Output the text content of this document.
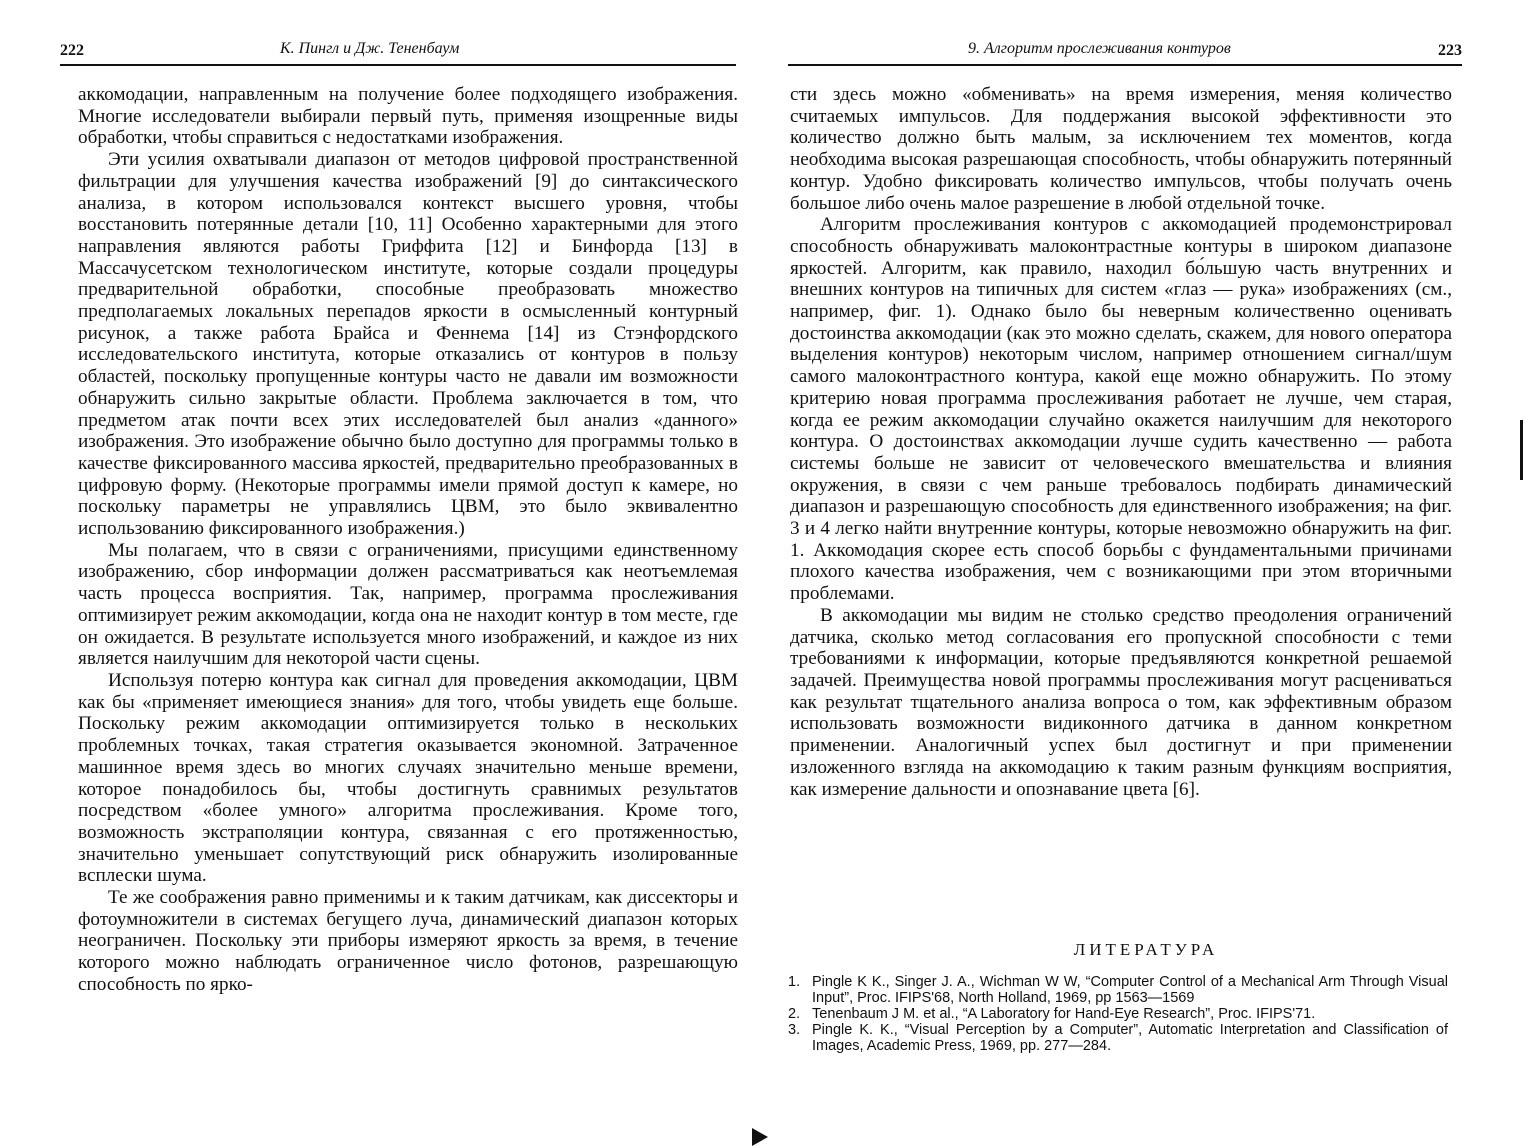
222	К. Пингл и Дж. Тененбаум

аккомодации, направленным на получение более подходящего изображения. Многие исследователи выбирали первый путь, применяя изощренные виды обработки, чтобы справиться с недостатками изображения.

Эти усилия охватывали диапазон от методов цифровой пространственной фильтрации для улучшения качества изображений [9] до синтаксического анализа, в котором использовался контекст высшего уровня, чтобы восстановить потерянные детали [10, 11] Особенно характерными для этого направления являются работы Гриффита [12] и Бинфорда [13] в Массачусетском технологическом институте, которые создали процедуры предварительной обработки, способные преобразовать множество предполагаемых локальных перепадов яркости в осмысленный контурный рисунок, а также работа Брайса и Феннема [14] из Стэнфордского исследовательского института, которые отказались от контуров в пользу областей, поскольку пропущенные контуры часто не давали им возможности обнаружить сильно закрытые области. Проблема заключается в том, что предметом атак почти всех этих исследователей был анализ «данного» изображения. Это изображение обычно было доступно для программы только в качестве фиксированного массива яркостей, предварительно преобразованных в цифровую форму. (Некоторые программы имели прямой доступ к камере, но поскольку параметры не управлялись ЦВМ, это было эквивалентно использованию фиксированного изображения.)

Мы полагаем, что в связи с ограничениями, присущими единственному изображению, сбор информации должен рассматриваться как неотъемлемая часть процесса восприятия. Так, например, программа прослеживания оптимизирует режим аккомодации, когда она не находит контур в том месте, где он ожидается. В результате используется много изображений, и каждое из них является наилучшим для некоторой части сцены.

Используя потерю контура как сигнал для проведения аккомодации, ЦВМ как бы «применяет имеющиеся знания» для того, чтобы увидеть еще больше. Поскольку режим аккомодации оптимизируется только в нескольких проблемных точках, такая стратегия оказывается экономной. Затраченное машинное время здесь во многих случаях значительно меньше времени, которое понадобилось бы, чтобы достигнуть сравнимых результатов посредством «более умного» алгоритма прослеживания. Кроме того, возможность экстраполяции контура, связанная с его протяженностью, значительно уменьшает сопутствующий риск обнаружить изолированные всплески шума.

Те же соображения равно применимы и к таким датчикам, как диссекторы и фотоумножители в системах бегущего луча, динамический диапазон которых неограничен. Поскольку эти приборы измеряют яркость за время, в течение которого можно наблюдать ограниченное число фотонов, разрешающую способность по ярко-

9. Алгоритм прослеживания контуров	223

сти здесь можно «обменивать» на время измерения, меняя количество считаемых импульсов. Для поддержания высокой эффективности это количество должно быть малым, за исключением тех моментов, когда необходима высокая разрешающая способность, чтобы обнаружить потерянный контур. Удобно фиксировать количество импульсов, чтобы получать очень большое либо очень малое разрешение в любой отдельной точке.

Алгоритм прослеживания контуров с аккомодацией продемонстрировал способность обнаруживать малоконтрастные контуры в широком диапазоне яркостей. Алгоритм, как правило, находил бо́льшую часть внутренних и внешних контуров на типичных для систем «глаз — рука» изображениях (см., например, фиг. 1). Однако было бы неверным количественно оценивать достоинства аккомодации (как это можно сделать, скажем, для нового оператора выделения контуров) некоторым числом, например отношением сигнал/шум самого малоконтрастного контура, какой еще можно обнаружить. По этому критерию новая программа прослеживания работает не лучше, чем старая, когда ее режим аккомодации случайно окажется наилучшим для некоторого контура. О достоинствах аккомодации лучше судить качественно — работа системы больше не зависит от человеческого вмешательства и влияния окружения, в связи с чем раньше требовалось подбирать динамический диапазон и разрешающую способность для единственного изображения; на фиг. 3 и 4 легко найти внутренние контуры, которые невозможно обнаружить на фиг. 1. Аккомодация скорее есть способ борьбы с фундаментальными причинами плохого качества изображения, чем с возникающими при этом вторичными проблемами.

В аккомодации мы видим не столько средство преодоления ограничений датчика, сколько метод согласования его пропускной способности с теми требованиями к информации, которые предъявляются конкретной решаемой задачей. Преимущества новой программы прослеживания могут расцениваться как результат тщательного анализа вопроса о том, как эффективным образом использовать возможности видиконного датчика в данном конкретном применении. Аналогичный успех был достигнут и при применении изложенного взгляда на аккомодацию к таким разным функциям восприятия, как измерение дальности и опознавание цвета [6].

ЛИТЕРАТУРА
1. Pingle K K., Singer J. A., Wichman W W, “Computer Control of a Mechanical Arm Through Visual Input”, Proc. IFIPS'68, North Holland, 1969, pp 1563—1569
2. Tenenbaum J M. et al., “A Laboratory for Hand-Eye Research”, Proc. IFIPS'71.
3. Pingle K. K., “Visual Perception by a Computer”, Automatic Interpretation and Classification of Images, Academic Press, 1969, pp. 277—284.
